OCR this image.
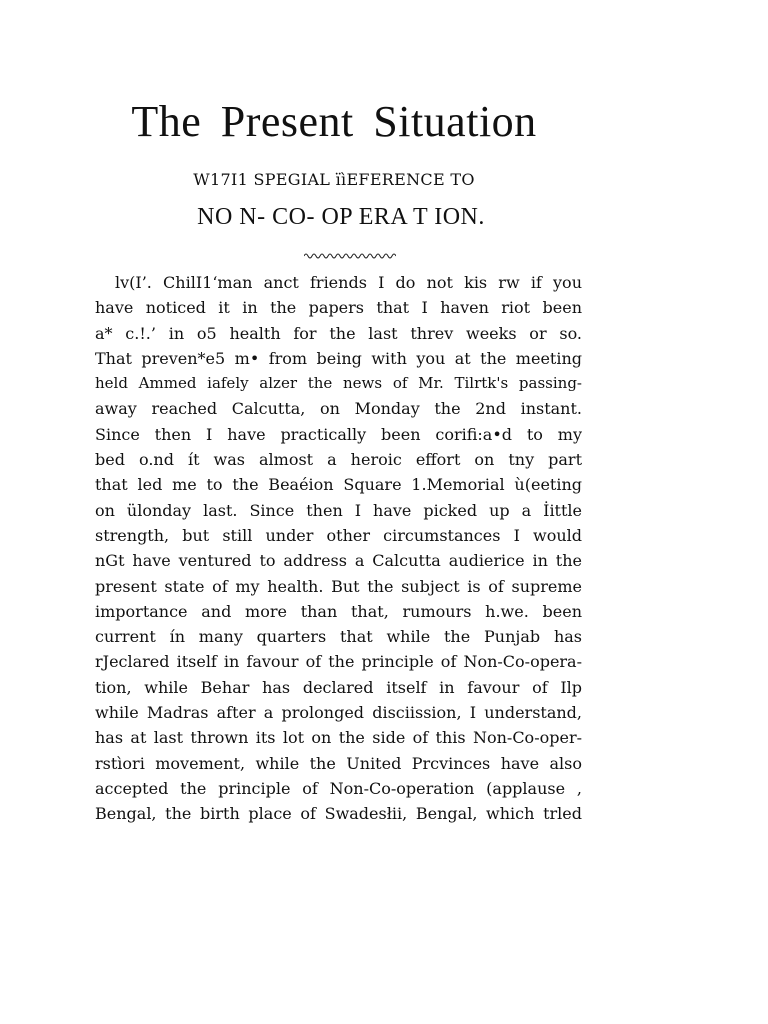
The Present Situation
W17I1 SPEGIAL ïìEFERENCE TO
NO N- CO- OP ERA T ION.
lv(I’. ChilI1‘man anct friends I do not kis rw if you
have noticed it in the papers that I haven riot been
a* c.!.’ in o5 health for the last threv weeks or so.
That preven*e5 m• from being with you at the meeting
held Ammed iafely alzer the news of Mr. Tilrtk's passing-
away reached Calcutta, on Monday the 2nd instant.
Since then I have practically been corifi:a•d to my
bed o.nd ít was almost a heroic effort on tny part
that led me to the Beaéion Square 1.Memorial ù(eeting
on ülonday last. Since then I have picked up a İittle
strength, but still under other circumstances I would
nGt have ventured to address a Calcutta audierice in the
present state of my health. But the subject is of supreme
importance and more than that, rumours h.we. been
current ín many quarters that while the Punjab has
rJeclared itself in favour of the principle of Non-Co-opera-
tion, while Behar has declared itself in favour of Ilp
while Madras after a prolonged disciission, I understand,
has at last thrown its lot on the side of this Non-Co-oper-
rstìori movement, while the United Prcvinces have also
accepted the principle of Non-Co-operation (applause ,
Bengal, the birth place of Swadesłii, Bengal, which trled
